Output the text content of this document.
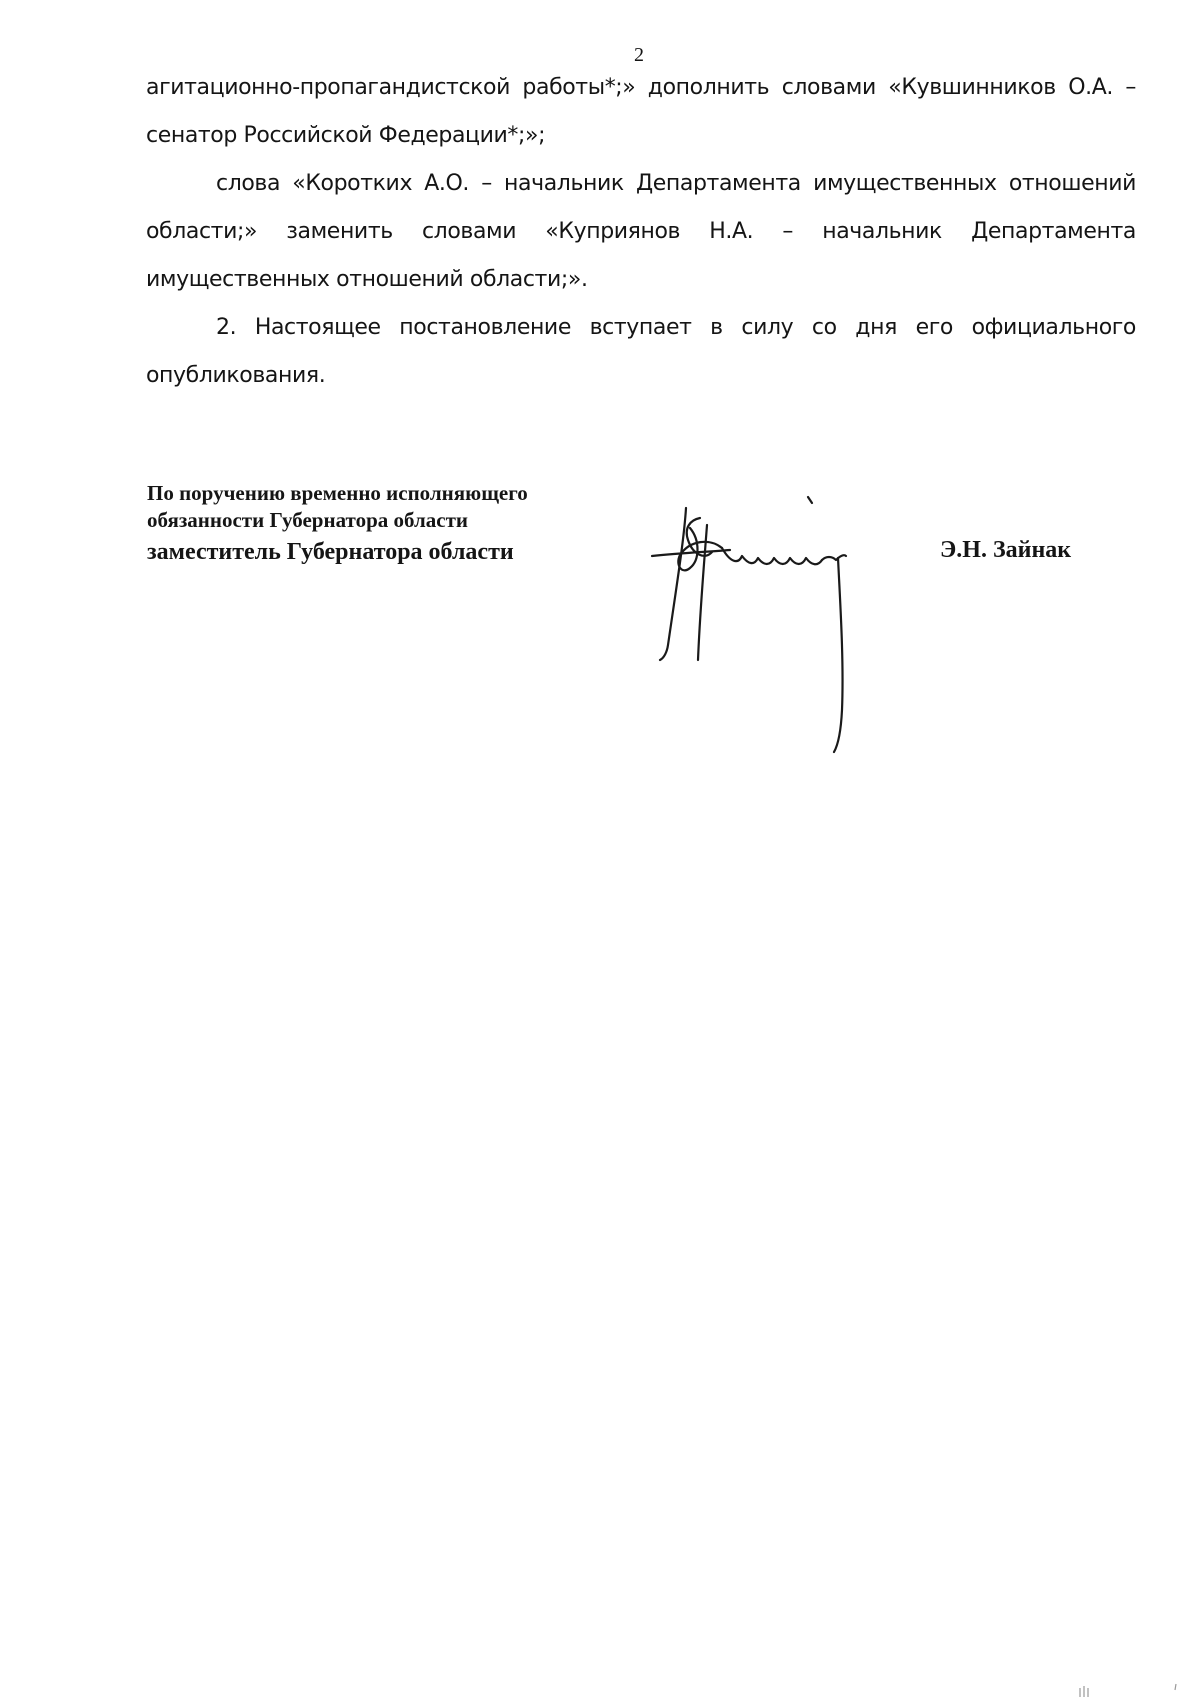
2

агитационно-пропагандистской работы*;» дополнить словами «Кувшинников О.А. – сенатор Российской Федерации*;»;

слова «Коротких А.О. – начальник Департамента имущественных отношений области;» заменить словами «Куприянов Н.А. – начальник Департамента имущественных отношений области;».

2. Настоящее постановление вступает в силу со дня его официального опубликования.

По поручению временно исполняющего
обязанности Губернатора области
заместитель Губернатора области	Э.Н. Зайнак
